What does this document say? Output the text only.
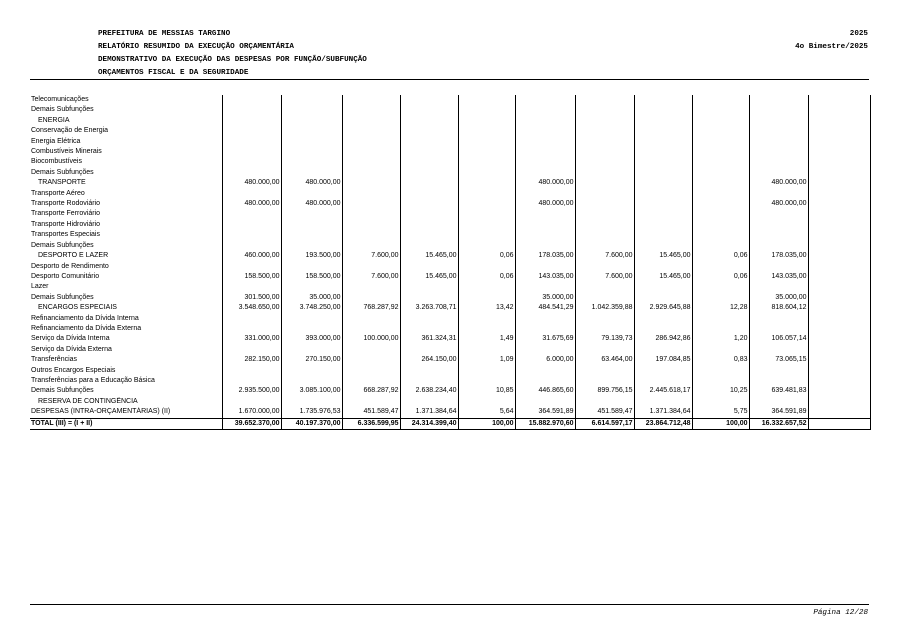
PREFEITURA DE MESSIAS TARGINO
RELATÓRIO RESUMIDO DA EXECUÇÃO ORÇAMENTÁRIA
DEMONSTRATIVO DA EXECUÇÃO DAS DESPESAS POR FUNÇÃO/SUBFUNÇÃO
ORÇAMENTOS FISCAL E DA SEGURIDADE
2025
4o Bimestre/2025
Telecomunicações											
Demais Subfunções											
ENERGIA											
Conservação de Energia											
Energia Elétrica											
Combustíveis Minerais											
Biocombustíveis											
Demais Subfunções											
TRANSPORTE	480.000,00	480.000,00				480.000,00				480.000,00	
Transporte Aéreo											
Transporte Rodoviário	480.000,00	480.000,00				480.000,00				480.000,00	
Transporte Ferroviário											
Transporte Hidroviário											
Transportes Especiais											
Demais Subfunções											
DESPORTO E LAZER	460.000,00	193.500,00	7.600,00	15.465,00	0,06	178.035,00	7.600,00	15.465,00	0,06	178.035,00	
Desporto de Rendimento											
Desporto Comunitário	158.500,00	158.500,00	7.600,00	15.465,00	0,06	143.035,00	7.600,00	15.465,00	0,06	143.035,00	
Lazer											
Demais Subfunções	301.500,00	35.000,00				35.000,00				35.000,00	
ENCARGOS ESPECIAIS	3.548.650,00	3.748.250,00	768.287,92	3.263.708,71	13,42	484.541,29	1.042.359,88	2.929.645,88	12,28	818.604,12	
Refinanciamento da Dívida Interna											
Refinanciamento da Dívida Externa											
Serviço da Dívida Interna	331.000,00	393.000,00	100.000,00	361.324,31	1,49	31.675,69	79.139,73	286.942,86	1,20	106.057,14	
Serviço da Dívida Externa											
Transferências	282.150,00	270.150,00		264.150,00	1,09	6.000,00	63.464,00	197.084,85	0,83	73.065,15	
Outros Encargos Especiais											
Transferências para a Educação Básica											
Demais Subfunções	2.935.500,00	3.085.100,00	668.287,92	2.638.234,40	10,85	446.865,60	899.756,15	2.445.618,17	10,25	639.481,83	
RESERVA DE CONTINGÊNCIA											
DESPESAS (INTRA-ORÇAMENTÁRIAS) (II)	1.670.000,00	1.735.976,53	451.589,47	1.371.384,64	5,64	364.591,89	451.589,47	1.371.384,64	5,75	364.591,89	
TOTAL (III) = (I + II)	39.652.370,00	40.197.370,00	6.336.599,95	24.314.399,40	100,00	15.882.970,60	6.614.597,17	23.864.712,48	100,00	16.332.657,52	
Página 12/28
